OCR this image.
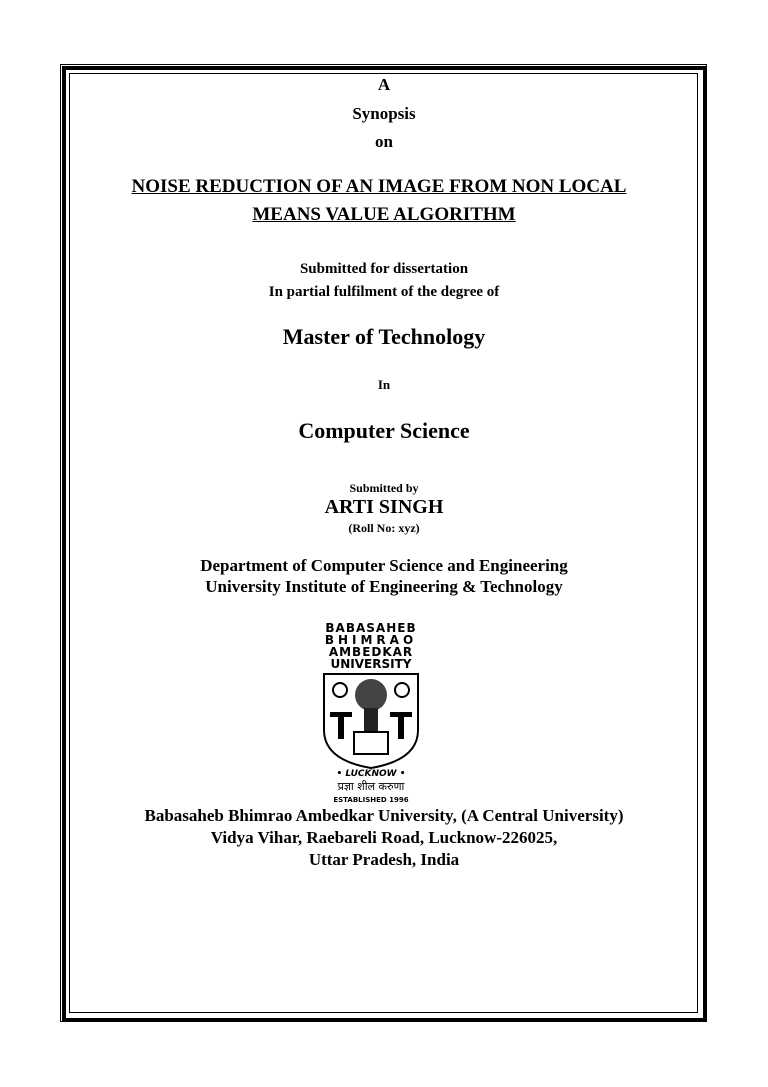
A
Synopsis
on
NOISE REDUCTION OF AN IMAGE FROM NON LOCAL
MEANS VALUE ALGORITHM
Submitted for dissertation
In partial fulfilment of the degree of
Master of Technology
In
Computer Science
Submitted by
ARTI SINGH
(Roll No: xyz)
Department of Computer Science and Engineering
University Institute of Engineering & Technology
BABASAHEB
BHIMRAO
AMBEDKAR
UNIVERSITY
• LUCKNOW •
प्रज्ञा शील करुणा
ESTABLISHED 1996
Babasaheb Bhimrao Ambedkar University, (A Central University)
Vidya Vihar, Raebareli Road, Lucknow-226025,
Uttar Pradesh, India
